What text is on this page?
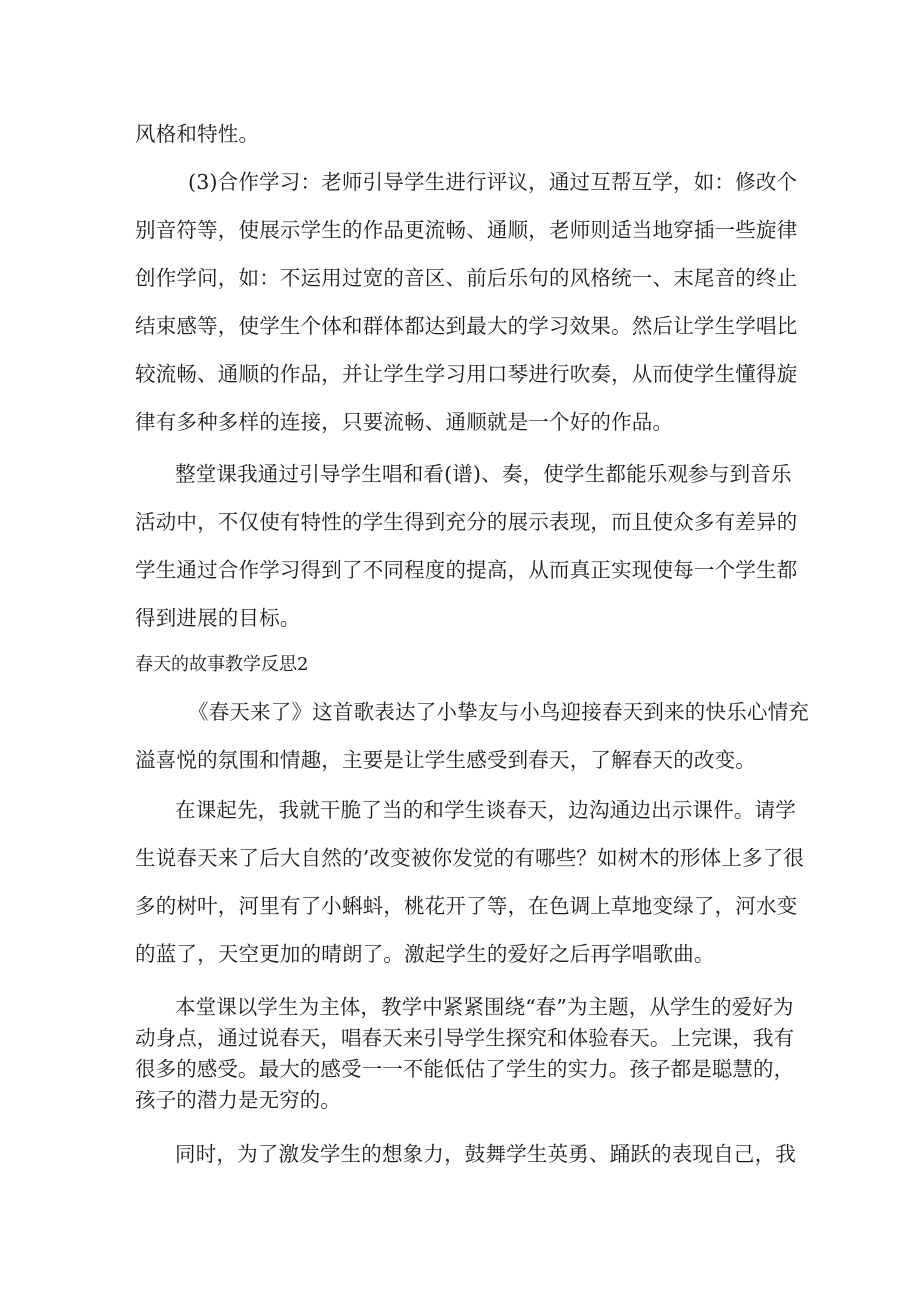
风格和特性。
(3)合作学习：老师引导学生进行评议，通过互帮互学，如：修改个
别音符等，使展示学生的作品更流畅、通顺，老师则适当地穿插一些旋律
创作学问，如：不运用过宽的音区、前后乐句的风格统一、末尾音的终止
结束感等，使学生个体和群体都达到最大的学习效果。然后让学生学唱比
较流畅、通顺的作品，并让学生学习用口琴进行吹奏，从而使学生懂得旋
律有多种多样的连接，只要流畅、通顺就是一个好的作品。
整堂课我通过引导学生唱和看(谱)、奏，使学生都能乐观参与到音乐
活动中，不仅使有特性的学生得到充分的展示表现，而且使众多有差异的
学生通过合作学习得到了不同程度的提高，从而真正实现使每一个学生都
得到进展的目标。
春天的故事教学反思2
《春天来了》这首歌表达了小挚友与小鸟迎接春天到来的快乐心情充
溢喜悦的氛围和情趣，主要是让学生感受到春天，了解春天的改变。
在课起先，我就干脆了当的和学生谈春天，边沟通边出示课件。请学
生说春天来了后大自然的’改变被你发觉的有哪些？如树木的形体上多了很
多的树叶，河里有了小蝌蚪，桃花开了等，在色调上草地变绿了，河水变
的蓝了，天空更加的晴朗了。激起学生的爱好之后再学唱歌曲。
本堂课以学生为主体，教学中紧紧围绕“春”为主题，从学生的爱好为
动身点，通过说春天，唱春天来引导学生探究和体验春天。上完课，我有
很多的感受。最大的感受一一不能低估了学生的实力。孩子都是聪慧的，
孩子的潜力是无穷的。
同时，为了激发学生的想象力，鼓舞学生英勇、踊跃的表现自己，我
